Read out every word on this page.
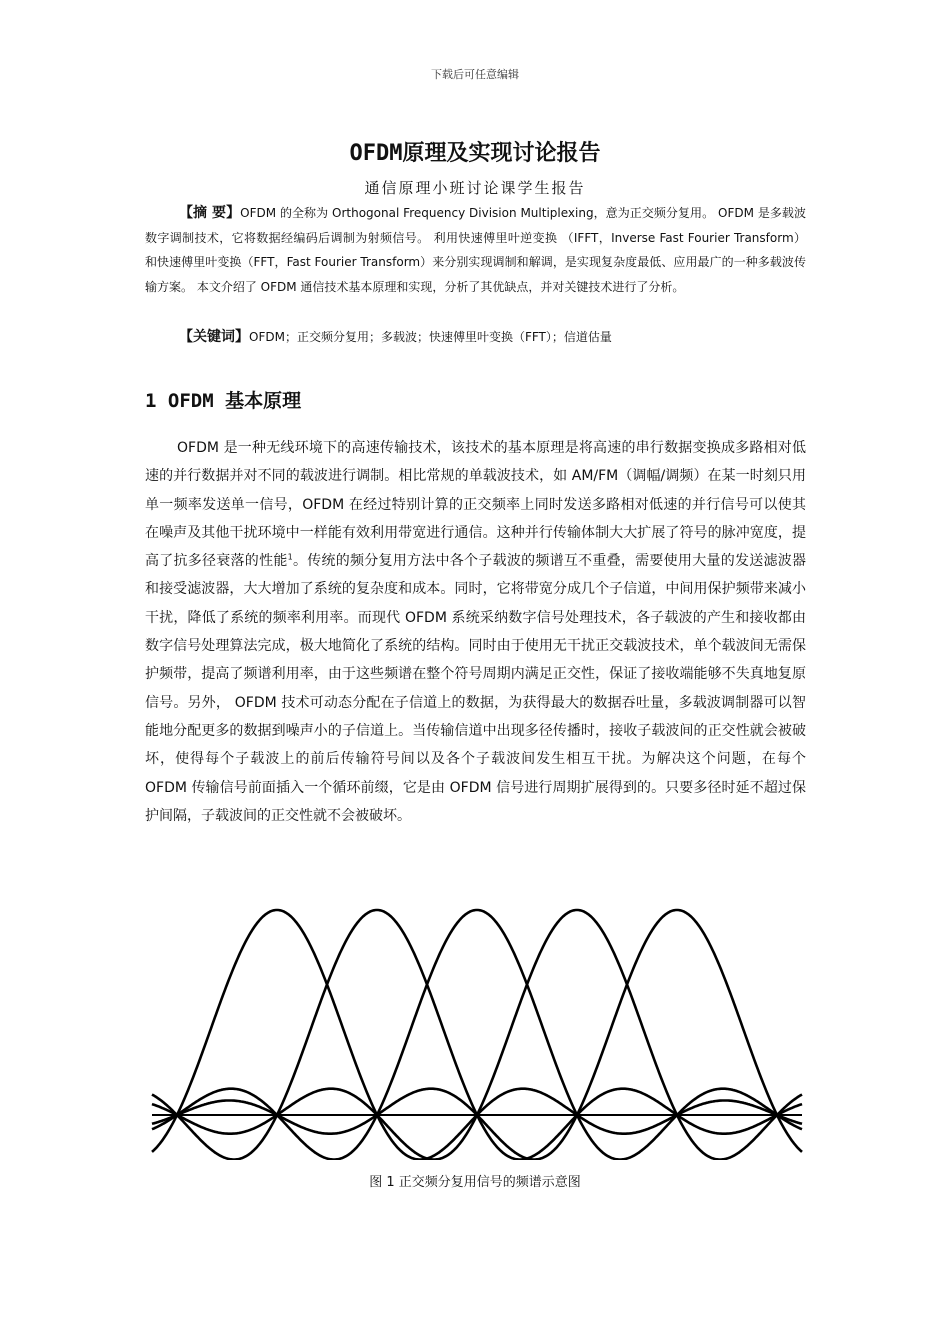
下载后可任意编辑
OFDM原理及实现讨论报告
通信原理小班讨论课学生报告

【摘 要】OFDM 的全称为 Orthogonal Frequency Division Multiplexing，意为正交频分复用。 OFDM 是多载波数字调制技术，它将数据经编码后调制为射频信号。 利用快速傅里叶逆变换 （IFFT，Inverse Fast Fourier Transform） 和快速傅里叶变换（FFT，Fast Fourier Transform）来分别实现调制和解调，是实现复杂度最低、应用最广的一种多载波传输方案。 本文介绍了 OFDM 通信技术基本原理和实现，分析了其优缺点，并对关键技术进行了分析。

【关键词】OFDM；正交频分复用；多载波；快速傅里叶变换（FFT）；信道估量
1 OFDM 基本原理

OFDM 是一种无线环境下的高速传输技术，该技术的基本原理是将高速的串行数据变换成多路相对低速的并行数据并对不同的载波进行调制。相比常规的单载波技术，如 AM/FM（调幅/调频）在某一时刻只用单一频率发送单一信号，OFDM 在经过特别计算的正交频率上同时发送多路相对低速的并行信号可以使其在噪声及其他干扰环境中一样能有效利用带宽进行通信。这种并行传输体制大大扩展了符号的脉冲宽度，提高了抗多径衰落的性能$^1$。传统的频分复用方法中各个子载波的频谱互不重叠，需要使用大量的发送滤波器和接受滤波器，大大增加了系统的复杂度和成本。同时，它将带宽分成几个子信道，中间用保护频带来减小干扰，降低了系统的频率利用率。而现代 OFDM 系统采纳数字信号处理技术，各子载波的产生和接收都由数字信号处理算法完成，极大地简化了系统的结构。同时由于使用无干扰正交载波技术，单个载波间无需保护频带，提高了频谱利用率，由于这些频谱在整个符号周期内满足正交性，保证了接收端能够不失真地复原信号。另外， OFDM 技术可动态分配在子信道上的数据，为获得最大的数据吞吐量，多载波调制器可以智能地分配更多的数据到噪声小的子信道上。当传输信道中出现多径传播时，接收子载波间的正交性就会被破坏，使得每个子载波上的前后传输符号间以及各个子载波间发生相互干扰。为解决这个问题，在每个 OFDM 传输信号前面插入一个循环前缀，它是由 OFDM 信号进行周期扩展得到的。只要多径时延不超过保护间隔，子载波间的正交性就不会被破坏。

图 1 正交频分复用信号的频谱示意图
